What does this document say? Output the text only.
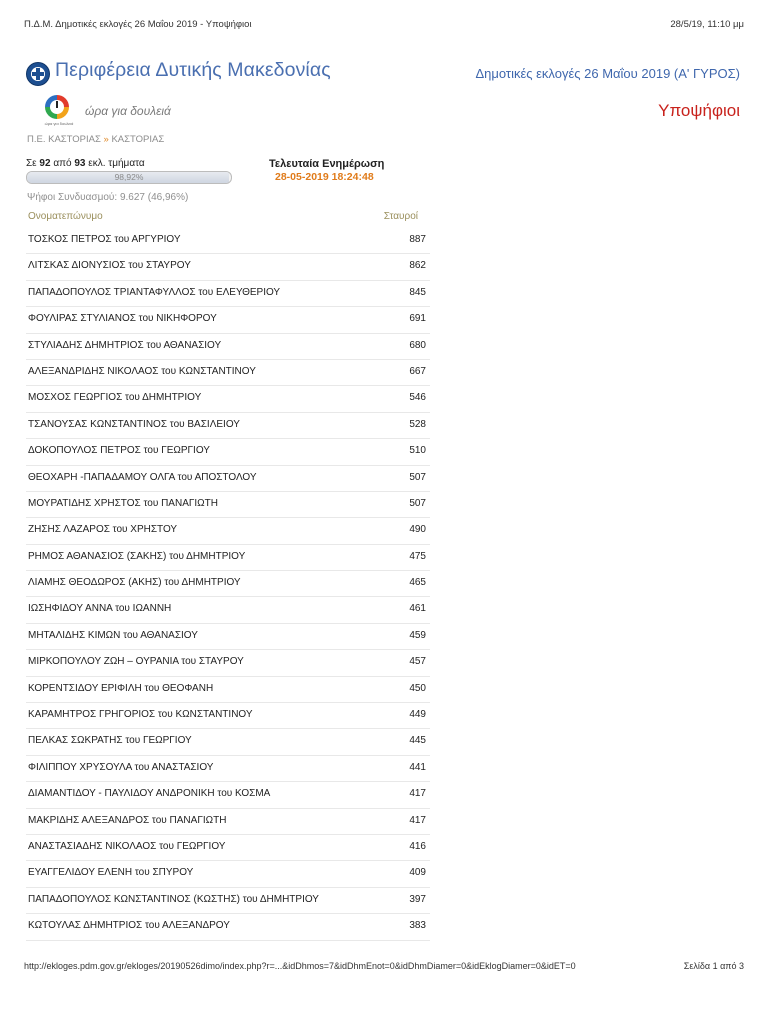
Π.Δ.Μ. Δημοτικές εκλογές 26 Μαΐου 2019 - Υποψήφιοι	28/5/19, 11:10 μμ
Περιφέρεια Δυτικής Μακεδονίας	Δημοτικές εκλογές 26 Μαΐου 2019 (Α' ΓΥΡΟΣ)
ώρα για δουλειά
ώρα για δουλειά	Υποψήφιοι
Π.Ε. ΚΑΣΤΟΡΙΑΣ » ΚΑΣΤΟΡΙΑΣ
Σε 92 από 93 εκλ. τμήματα
98,92%
Τελευταία Ενημέρωση
28-05-2019 18:24:48
Ψήφοι Συνδυασμού: 9.627 (46,96%)
Ονοματεπώνυμο	Σταυροί
ΤΟΣΚΟΣ ΠΕΤΡΟΣ του ΑΡΓΥΡΙΟΥ	887
ΛΙΤΣΚΑΣ ΔΙΟΝΥΣΙΟΣ του ΣΤΑΥΡΟΥ	862
ΠΑΠΑΔΟΠΟΥΛΟΣ ΤΡΙΑΝΤΑΦΥΛΛΟΣ του ΕΛΕΥΘΕΡΙΟΥ	845
ΦΟΥΛΙΡΑΣ ΣΤΥΛΙΑΝΟΣ του ΝΙΚΗΦΟΡΟΥ	691
ΣΤΥΛΙΑΔΗΣ ΔΗΜΗΤΡΙΟΣ του ΑΘΑΝΑΣΙΟΥ	680
ΑΛΕΞΑΝΔΡΙΔΗΣ ΝΙΚΟΛΑΟΣ του ΚΩΝΣΤΑΝΤΙΝΟΥ	667
ΜΟΣΧΟΣ ΓΕΩΡΓΙΟΣ του ΔΗΜΗΤΡΙΟΥ	546
ΤΣΑΝΟΥΣΑΣ ΚΩΝΣΤΑΝΤΙΝΟΣ του ΒΑΣΙΛΕΙΟΥ	528
ΔΟΚΟΠΟΥΛΟΣ ΠΕΤΡΟΣ του ΓΕΩΡΓΙΟΥ	510
ΘΕΟΧΑΡΗ -ΠΑΠΑΔΑΜΟΥ ΟΛΓΑ του ΑΠΟΣΤΟΛΟΥ	507
ΜΟΥΡΑΤΙΔΗΣ ΧΡΗΣΤΟΣ του ΠΑΝΑΓΙΩΤΗ	507
ΖΗΣΗΣ ΛΑΖΑΡΟΣ του ΧΡΗΣΤΟΥ	490
ΡΗΜΟΣ ΑΘΑΝΑΣΙΟΣ (ΣΑΚΗΣ) του ΔΗΜΗΤΡΙΟΥ	475
ΛΙΑΜΗΣ ΘΕΟΔΩΡΟΣ (ΑΚΗΣ) του ΔΗΜΗΤΡΙΟΥ	465
ΙΩΣΗΦΙΔΟΥ ΑΝΝΑ του ΙΩΑΝΝΗ	461
ΜΗΤΑΛΙΔΗΣ ΚΙΜΩΝ του ΑΘΑΝΑΣΙΟΥ	459
ΜΙΡΚΟΠΟΥΛΟΥ ΖΩΗ – ΟΥΡΑΝΙΑ του ΣΤΑΥΡΟΥ	457
ΚΟΡΕΝΤΣΙΔΟΥ ΕΡΙΦΙΛΗ του ΘΕΟΦΑΝΗ	450
ΚΑΡΑΜΗΤΡΟΣ ΓΡΗΓΟΡΙΟΣ του ΚΩΝΣΤΑΝΤΙΝΟΥ	449
ΠΕΛΚΑΣ ΣΩΚΡΑΤΗΣ του ΓΕΩΡΓΙΟΥ	445
ΦΙΛΙΠΠΟΥ ΧΡΥΣΟΥΛΑ του ΑΝΑΣΤΑΣΙΟΥ	441
ΔΙΑΜΑΝΤΙΔΟΥ - ΠΑΥΛΙΔΟΥ ΑΝΔΡΟΝΙΚΗ του ΚΟΣΜΑ	417
ΜΑΚΡΙΔΗΣ ΑΛΕΞΑΝΔΡΟΣ του ΠΑΝΑΓΙΩΤΗ	417
ΑΝΑΣΤΑΣΙΑΔΗΣ ΝΙΚΟΛΑΟΣ του ΓΕΩΡΓΙΟΥ	416
ΕΥΑΓΓΕΛΙΔΟΥ ΕΛΕΝΗ του ΣΠΥΡΟΥ	409
ΠΑΠΑΔΟΠΟΥΛΟΣ ΚΩΝΣΤΑΝΤΙΝΟΣ (ΚΩΣΤΗΣ) του ΔΗΜΗΤΡΙΟΥ	397
ΚΩΤΟΥΛΑΣ ΔΗΜΗΤΡΙΟΣ του ΑΛΕΞΑΝΔΡΟΥ	383
http://ekloges.pdm.gov.gr/ekloges/20190526dimo/index.php?r=...&idDhmos=7&idDhmEnot=0&idDhmDiamer=0&idEklogDiamer=0&idET=0	Σελίδα 1 από 3
